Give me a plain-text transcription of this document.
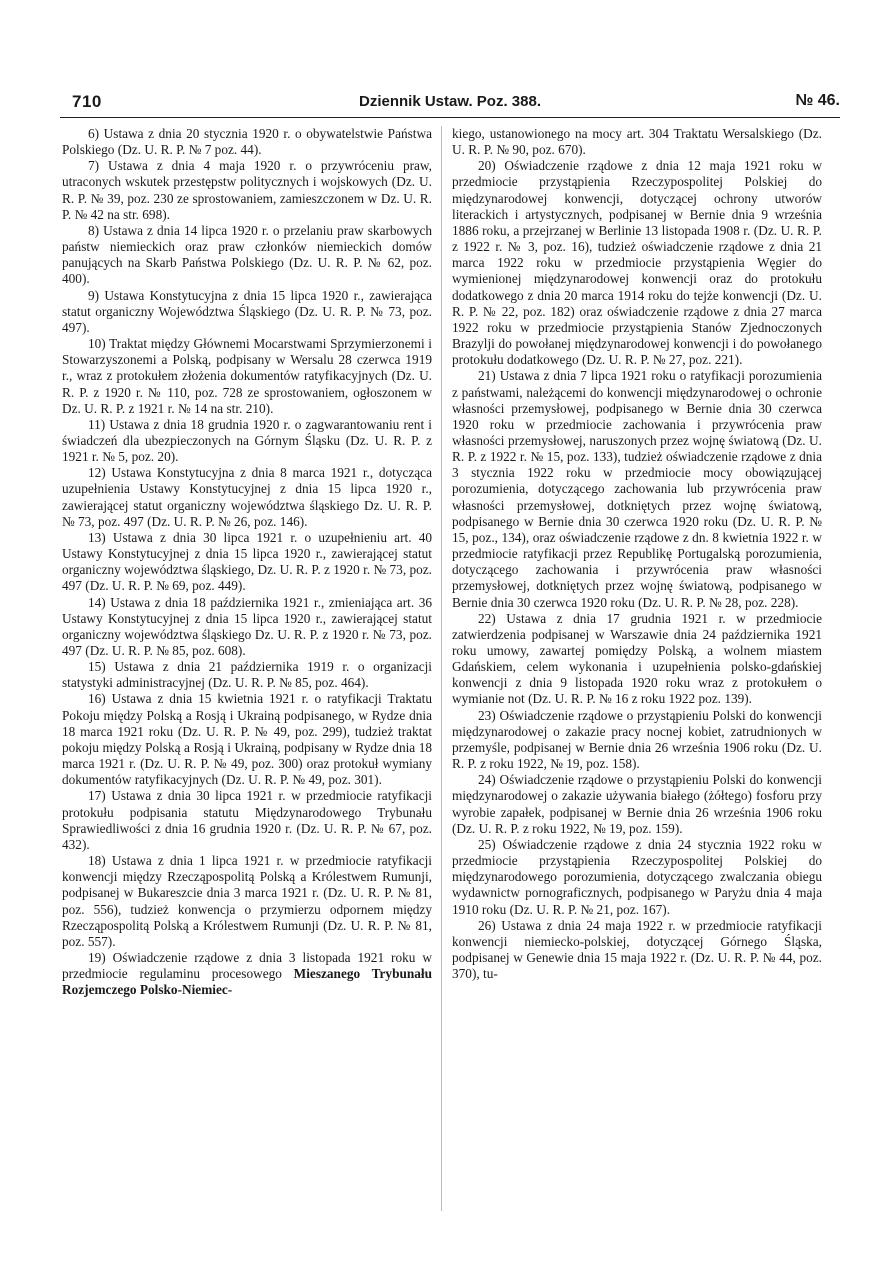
710	Dziennik Ustaw. Poz. 388.	№ 46.

6) Ustawa z dnia 20 stycznia 1920 r. o obywatelstwie Państwa Polskiego (Dz. U. R. P. № 7 poz. 44).

7) Ustawa z dnia 4 maja 1920 r. o przywróceniu praw, utraconych wskutek przestępstw politycznych i wojskowych (Dz. U. R. P. № 39, poz. 230 ze sprostowaniem, zamieszczonem w Dz. U. R. P. № 42 na str. 698).

8) Ustawa z dnia 14 lipca 1920 r. o przelaniu praw skarbowych państw niemieckich oraz praw członków niemieckich domów panujących na Skarb Państwa Polskiego (Dz. U. R. P. № 62, poz. 400).

9) Ustawa Konstytucyjna z dnia 15 lipca 1920 r., zawierająca statut organiczny Województwa Śląskiego (Dz. U. R. P. № 73, poz. 497).

10) Traktat między Głównemi Mocarstwami Sprzymierzonemi i Stowarzyszonemi a Polską, podpisany w Wersalu 28 czerwca 1919 r., wraz z protokułem złożenia dokumentów ratyfikacyjnych (Dz. U. R. P. z 1920 r. № 110, poz. 728 ze sprostowaniem, ogłoszonem w Dz. U. R. P. z 1921 r. № 14 na str. 210).

11) Ustawa z dnia 18 grudnia 1920 r. o zagwarantowaniu rent i świadczeń dla ubezpieczonych na Górnym Śląsku (Dz. U. R. P. z 1921 r. № 5, poz. 20).

12) Ustawa Konstytucyjna z dnia 8 marca 1921 r., dotycząca uzupełnienia Ustawy Konstytucyjnej z dnia 15 lipca 1920 r., zawierającej statut organiczny województwa śląskiego Dz. U. R. P. № 73, poz. 497 (Dz. U. R. P. № 26, poz. 146).

13) Ustawa z dnia 30 lipca 1921 r. o uzupełnieniu art. 40 Ustawy Konstytucyjnej z dnia 15 lipca 1920 r., zawierającej statut organiczny województwa śląskiego, Dz. U. R. P. z 1920 r. № 73, poz. 497 (Dz. U. R. P. № 69, poz. 449).

14) Ustawa z dnia 18 października 1921 r., zmieniająca art. 36 Ustawy Konstytucyjnej z dnia 15 lipca 1920 r., zawierającej statut organiczny województwa śląskiego Dz. U. R. P. z 1920 r. № 73, poz. 497 (Dz. U. R. P. № 85, poz. 608).

15) Ustawa z dnia 21 października 1919 r. o organizacji statystyki administracyjnej (Dz. U. R. P. № 85, poz. 464).

16) Ustawa z dnia 15 kwietnia 1921 r. o ratyfikacji Traktatu Pokoju między Polską a Rosją i Ukrainą podpisanego, w Rydze dnia 18 marca 1921 roku (Dz. U. R. P. № 49, poz. 299), tudzież traktat pokoju między Polską a Rosją i Ukrainą, podpisany w Rydze dnia 18 marca 1921 r. (Dz. U. R. P. № 49, poz. 300) oraz protokuł wymiany dokumentów ratyfikacyjnych (Dz. U. R. P. № 49, poz. 301).

17) Ustawa z dnia 30 lipca 1921 r. w przedmiocie ratyfikacji protokułu podpisania statutu Międzynarodowego Trybunału Sprawiedliwości z dnia 16 grudnia 1920 r. (Dz. U. R. P. № 67, poz. 432).

18) Ustawa z dnia 1 lipca 1921 r. w przedmiocie ratyfikacji konwencji między Rzecząpospolitą Polską a Królestwem Rumunji, podpisanej w Bukareszcie dnia 3 marca 1921 r. (Dz. U. R. P. № 81, poz. 556), tudzież konwencja o przymierzu odpornem między Rzecząpospolitą Polską a Królestwem Rumunji (Dz. U. R. P. № 81, poz. 557).

19) Oświadczenie rządowe z dnia 3 listopada 1921 roku w przedmiocie regulaminu procesowego Mieszanego Trybunału Rozjemczego Polsko-Niemiec-

kiego, ustanowionego na mocy art. 304 Traktatu Wersalskiego (Dz. U. R. P. № 90, poz. 670).

20) Oświadczenie rządowe z dnia 12 maja 1921 roku w przedmiocie przystąpienia Rzeczypospolitej Polskiej do międzynarodowej konwencji, dotyczącej ochrony utworów literackich i artystycznych, podpisanej w Bernie dnia 9 września 1886 roku, a przejrzanej w Berlinie 13 listopada 1908 r. (Dz. U. R. P. z 1922 r. № 3, poz. 16), tudzież oświadczenie rządowe z dnia 21 marca 1922 roku w przedmiocie przystąpienia Węgier do wymienionej międzynarodowej konwencji oraz do protokułu dodatkowego z dnia 20 marca 1914 roku do tejże konwencji (Dz. U. R. P. № 22, poz. 182) oraz oświadczenie rządowe z dnia 27 marca 1922 roku w przedmiocie przystąpienia Stanów Zjednoczonych Brazylji do powołanej międzynarodowej konwencji i do powołanego protokułu dodatkowego (Dz. U. R. P. № 27, poz. 221).

21) Ustawa z dnia 7 lipca 1921 roku o ratyfikacji porozumienia z państwami, należącemi do konwencji międzynarodowej o ochronie własności przemysłowej, podpisanego w Bernie dnia 30 czerwca 1920 roku w przedmiocie zachowania i przywrócenia praw własności przemysłowej, naruszonych przez wojnę światową (Dz. U. R. P. z 1922 r. № 15, poz. 133), tudzież oświadczenie rządowe z dnia 3 stycznia 1922 roku w przedmiocie mocy obowiązującej porozumienia, dotyczącego zachowania lub przywrócenia praw własności przemysłowej, dotkniętych przez wojnę światową, podpisanego w Bernie dnia 30 czerwca 1920 roku (Dz. U. R. P. № 15, poz., 134), oraz oświadczenie rządowe z dn. 8 kwietnia 1922 r. w przedmiocie ratyfikacji przez Republikę Portugalską porozumienia, dotyczącego zachowania i przywrócenia praw własności przemysłowej, dotkniętych przez wojnę światową, podpisanego w Bernie dnia 30 czerwca 1920 roku (Dz. U. R. P. № 28, poz. 228).

22) Ustawa z dnia 17 grudnia 1921 r. w przedmiocie zatwierdzenia podpisanej w Warszawie dnia 24 października 1921 roku umowy, zawartej pomiędzy Polską, a wolnem miastem Gdańskiem, celem wykonania i uzupełnienia polsko-gdańskiej konwencji z dnia 9 listopada 1920 roku wraz z protokułem o wymianie not (Dz. U. R. P. № 16 z roku 1922 poz. 139).

23) Oświadczenie rządowe o przystąpieniu Polski do konwencji międzynarodowej o zakazie pracy nocnej kobiet, zatrudnionych w przemyśle, podpisanej w Bernie dnia 26 września 1906 roku (Dz. U. R. P. z roku 1922, № 19, poz. 158).

24) Oświadczenie rządowe o przystąpieniu Polski do konwencji międzynarodowej o zakazie używania białego (żółtego) fosforu przy wyrobie zapałek, podpisanej w Bernie dnia 26 września 1906 roku (Dz. U. R. P. z roku 1922, № 19, poz. 159).

25) Oświadczenie rządowe z dnia 24 stycznia 1922 roku w przedmiocie przystąpienia Rzeczypospolitej Polskiej do międzynarodowego porozumienia, dotyczącego zwalczania obiegu wydawnictw pornograficznych, podpisanego w Paryżu dnia 4 maja 1910 roku (Dz. U. R. P. № 21, poz. 167).

26) Ustawa z dnia 24 maja 1922 r. w przedmiocie ratyfikacji konwencji niemiecko-polskiej, dotyczącej Górnego Śląska, podpisanej w Genewie dnia 15 maja 1922 r. (Dz. U. R. P. № 44, poz. 370), tu-
